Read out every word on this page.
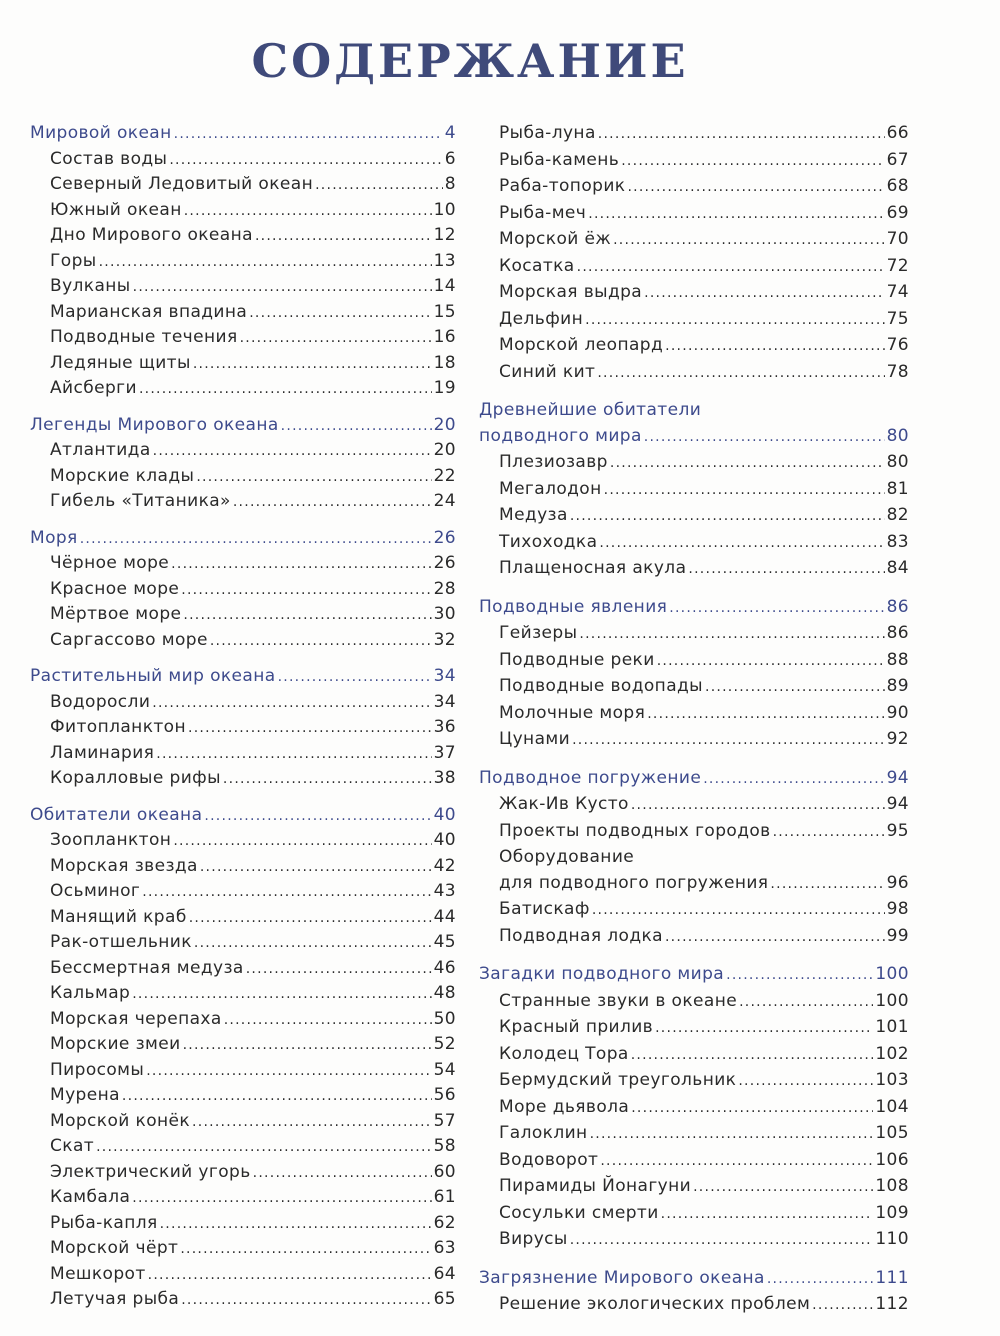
СОДЕРЖАНИЕ
Мировой океан . . .	4
Состав воды . . .	6
Северный Ледовитый океан . . .	8
Южный океан . . .	10
Дно Мирового океана . . .	12
Горы . . .	13
Вулканы . . .	14
Марианская впадина . . .	15
Подводные течения . . .	16
Ледяные щиты . . .	18
Айсберги . . .	19
Легенды Мирового океана . . .	20
Атлантида . . .	20
Морские клады . . .	22
Гибель «Титаника» . . .	24
Моря . . .	26
Чёрное море . . .	26
Красное море . . .	28
Мёртвое море . . .	30
Саргассово море . . .	32
Растительный мир океана . . .	34
Водоросли . . .	34
Фитопланктон . . .	36
Ламинария . . .	37
Коралловые рифы . . .	38
Обитатели океана . . .	40
Зоопланктон . . .	40
Морская звезда . . .	42
Осьминог . . .	43
Манящий краб . . .	44
Рак-отшельник . . .	45
Бессмертная медуза . . .	46
Кальмар . . .	48
Морская черепаха . . .	50
Морские змеи . . .	52
Пиросомы . . .	54
Мурена . . .	56
Морской конёк . . .	57
Скат . . .	58
Электрический угорь . . .	60
Камбала . . .	61
Рыба-капля . . .	62
Морской чёрт . . .	63
Мешкорот . . .	64
Летучая рыба . . .	65
Рыба-луна . . .	66
Рыба-камень . . .	67
Раба-топорик . . .	68
Рыба-меч . . .	69
Морской ёж . . .	70
Косатка . . .	72
Морская выдра . . .	74
Дельфин . . .	75
Морской леопард . . .	76
Синий кит . . .	78
Древнейшие обитатели
подводного мира . . .	80
Плезиозавр . . .	80
Мегалодон . . .	81
Медуза . . .	82
Тихоходка . . .	83
Плащеносная акула . . .	84
Подводные явления . . .	86
Гейзеры . . .	86
Подводные реки . . .	88
Подводные водопады . . .	89
Молочные моря . . .	90
Цунами . . .	92
Подводное погружение . . .	94
Жак-Ив Кусто . . .	94
Проекты подводных городов . . .	95
Оборудование
для подводного погружения . . .	96
Батискаф . . .	98
Подводная лодка . . .	99
Загадки подводного мира . . .	100
Странные звуки в океане . . .	100
Красный прилив . . .	101
Колодец Тора . . .	102
Бермудский треугольник . . .	103
Море дьявола . . .	104
Галоклин . . .	105
Водоворот . . .	106
Пирамиды Йонагуни . . .	108
Сосульки смерти . . .	109
Вирусы . . .	110
Загрязнение Мирового океана . . .	111
Решение экологических проблем . . .	112
